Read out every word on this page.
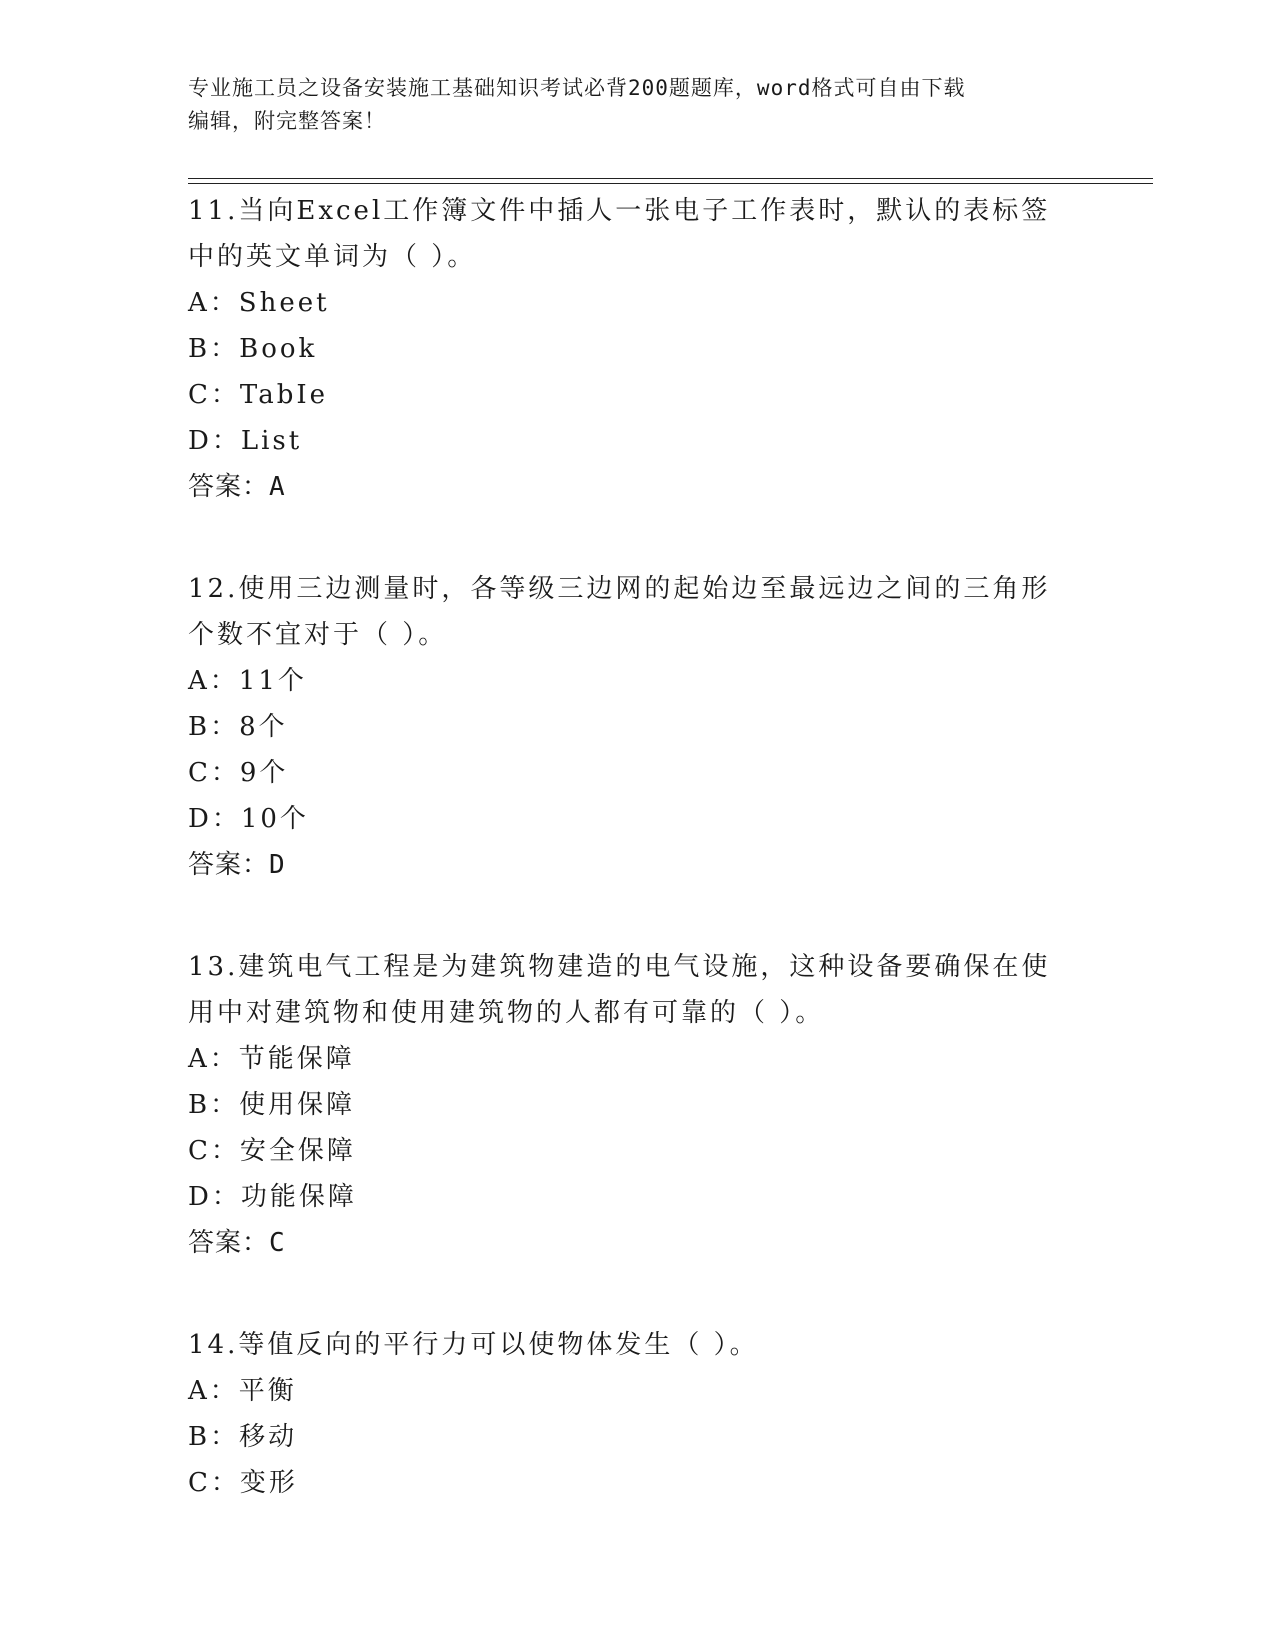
专业施工员之设备安装施工基础知识考试必背200题题库，word格式可自由下载
编辑，附完整答案！
11.当向Excel工作簿文件中插人一张电子工作表时，默认的表标签中的英文单词为（ ）。
A：Sheet
B：Book
C：TabIe
D：List
答案：A
12.使用三边测量时，各等级三边网的起始边至最远边之间的三角形个数不宜对于（ ）。
A：11个
B：8个
C：9个
D：10个
答案：D
13.建筑电气工程是为建筑物建造的电气设施，这种设备要确保在使用中对建筑物和使用建筑物的人都有可靠的（ ）。
A：节能保障
B：使用保障
C：安全保障
D：功能保障
答案：C
14.等值反向的平行力可以使物体发生（ ）。
A：平衡
B：移动
C：变形
